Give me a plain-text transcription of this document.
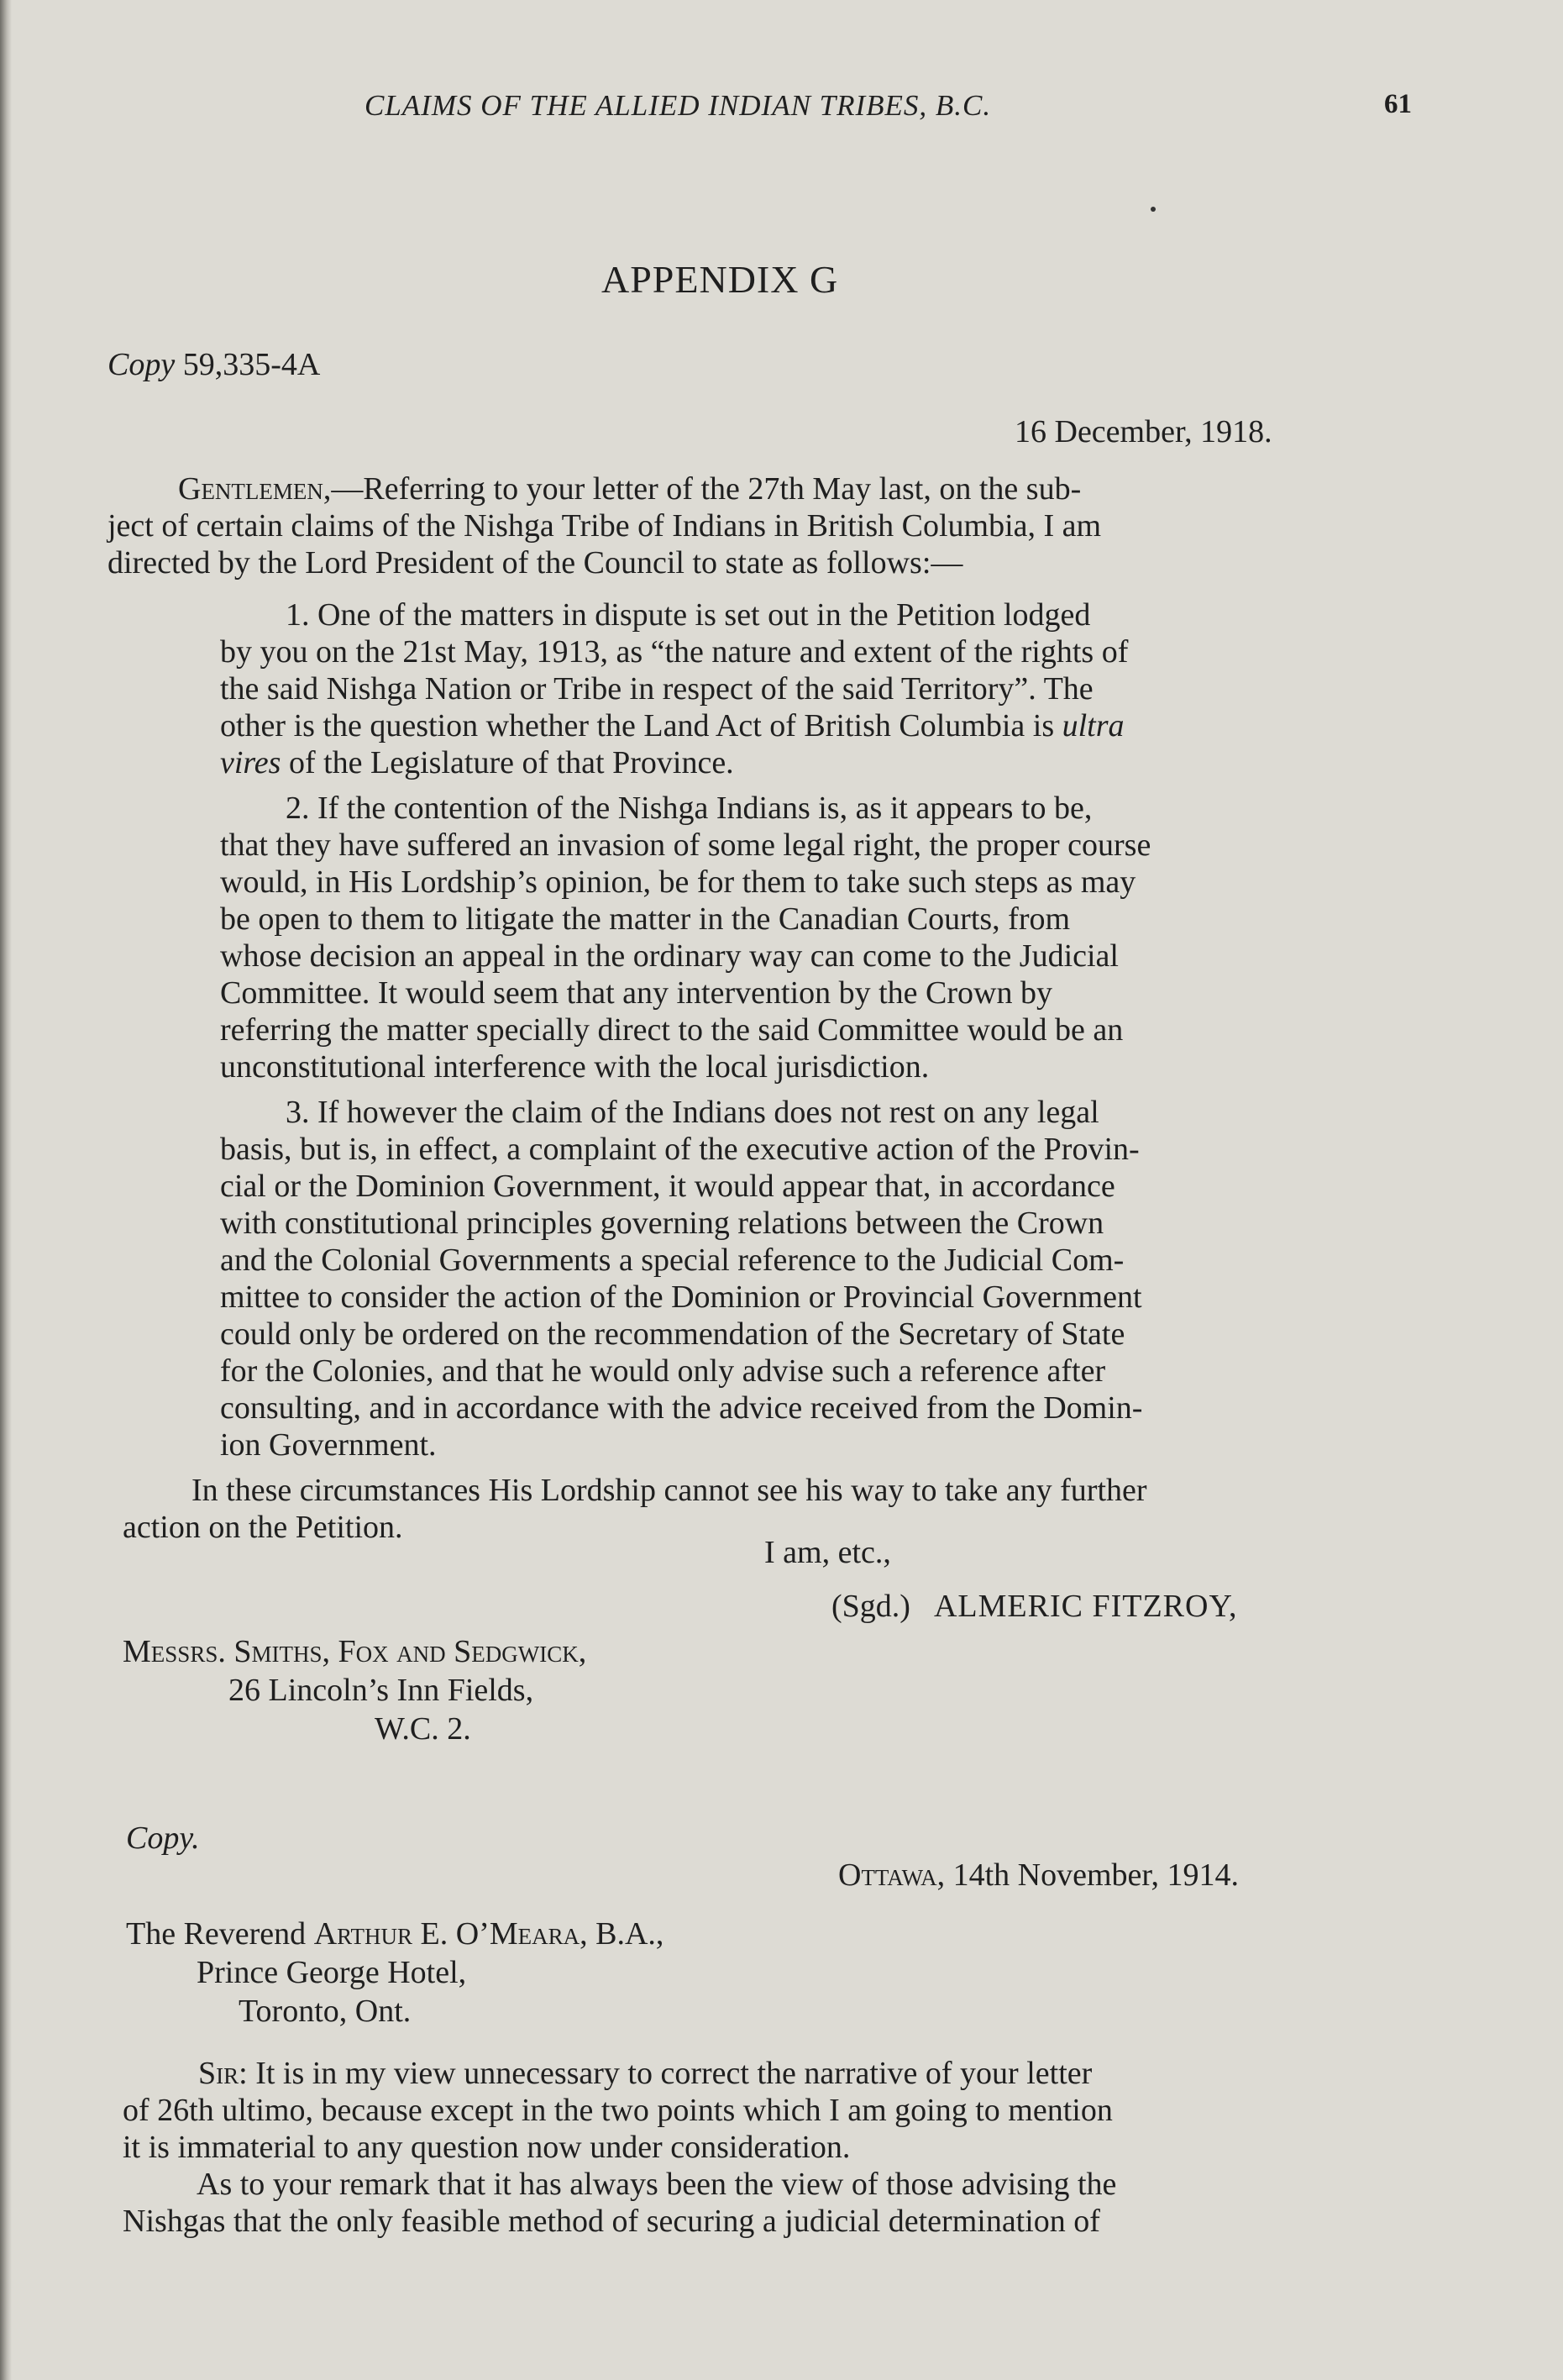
CLAIMS OF THE ALLIED INDIAN TRIBES, B.C.	61
APPENDIX G
Copy 59,335-4A
16 December, 1918.
Gentlemen,—Referring to your letter of the 27th May last, on the sub-
ject of certain claims of the Nishga Tribe of Indians in British Columbia, I am
directed by the Lord President of the Council to state as follows:—
1. One of the matters in dispute is set out in the Petition lodged
by you on the 21st May, 1913, as “the nature and extent of the rights of
the said Nishga Nation or Tribe in respect of the said Territory”. The
other is the question whether the Land Act of British Columbia is ultra
vires of the Legislature of that Province.
2. If the contention of the Nishga Indians is, as it appears to be,
that they have suffered an invasion of some legal right, the proper course
would, in His Lordship’s opinion, be for them to take such steps as may
be open to them to litigate the matter in the Canadian Courts, from
whose decision an appeal in the ordinary way can come to the Judicial
Committee. It would seem that any intervention by the Crown by
referring the matter specially direct to the said Committee would be an
unconstitutional interference with the local jurisdiction.
3. If however the claim of the Indians does not rest on any legal
basis, but is, in effect, a complaint of the executive action of the Provin-
cial or the Dominion Government, it would appear that, in accordance
with constitutional principles governing relations between the Crown
and the Colonial Governments a special reference to the Judicial Com-
mittee to consider the action of the Dominion or Provincial Government
could only be ordered on the recommendation of the Secretary of State
for the Colonies, and that he would only advise such a reference after
consulting, and in accordance with the advice received from the Domin-
ion Government.
In these circumstances His Lordship cannot see his way to take any further
action on the Petition.
I am, etc.,
(Sgd.) ALMERIC FITZROY,
Messrs. Smiths, Fox and Sedgwick,
26 Lincoln’s Inn Fields,
W.C. 2.
Copy.
Ottawa, 14th November, 1914.
The Reverend Arthur E. O’Meara, B.A.,
Prince George Hotel,
Toronto, Ont.
Sir: It is in my view unnecessary to correct the narrative of your letter
of 26th ultimo, because except in the two points which I am going to mention
it is immaterial to any question now under consideration.
As to your remark that it has always been the view of those advising the
Nishgas that the only feasible method of securing a judicial determination of
